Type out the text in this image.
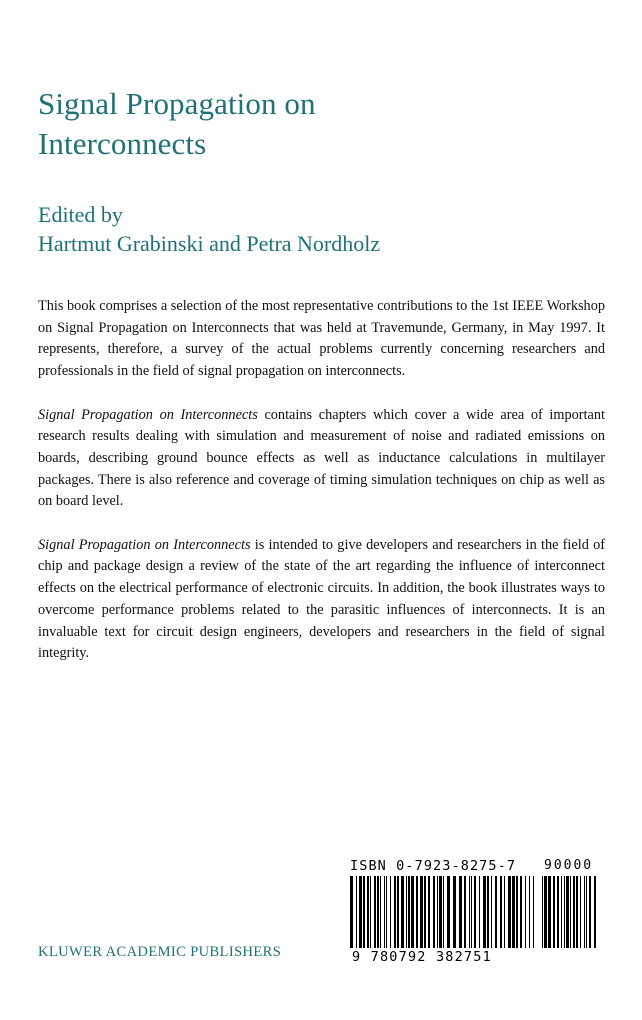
Signal Propagation on
Interconnects
Edited by
Hartmut Grabinski and Petra Nordholz

This book comprises a selection of the most representative contributions to the 1st IEEE Workshop on Signal Propagation on Interconnects that was held at Travemunde, Germany, in May 1997. It represents, therefore, a survey of the actual problems currently concerning researchers and professionals in the field of signal propagation on interconnects.

Signal Propagation on Interconnects contains chapters which cover a wide area of important research results dealing with simulation and measurement of noise and radiated emissions on boards, describing ground bounce effects as well as inductance calculations in multilayer packages. There is also reference and coverage of timing simulation techniques on chip as well as on board level.

Signal Propagation on Interconnects is intended to give developers and researchers in the field of chip and package design a review of the state of the art regarding the influence of interconnect effects on the electrical performance of electronic circuits. In addition, the book illustrates ways to overcome performance problems related to the parasitic influences of interconnects. It is an invaluable text for circuit design engineers, developers and researchers in the field of signal integrity.

ISBN 0-7923-8275-7 90000
9 780792 382751
KLUWER ACADEMIC PUBLISHERS
